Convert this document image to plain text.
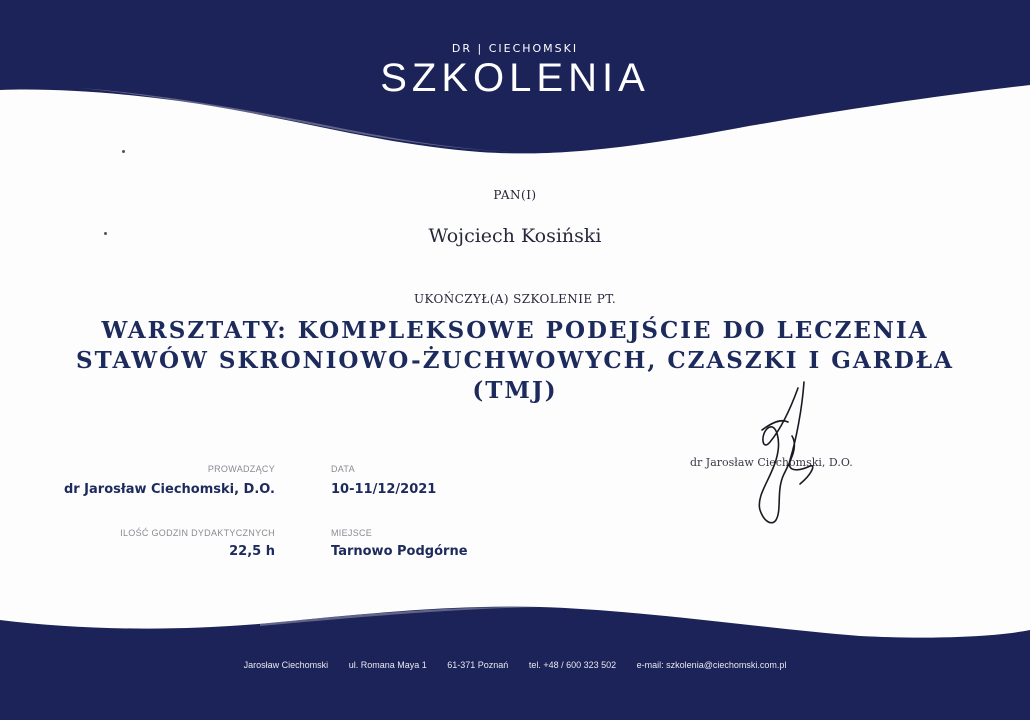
DR | CIECHOMSKI
SZKOLENIA
PAN(I)
Wojciech Kosiński
UKOŃCZYŁ(A) SZKOLENIE PT.
WARSZTATY: KOMPLEKSOWE PODEJŚCIE DO LECZENIA
STAWÓW SKRONIOWO-ŻUCHWOWYCH, CZASZKI I GARDŁA
(TMJ)
PROWADZĄCY
dr Jarosław Ciechomski, D.O.
DATA
10-11/12/2021
ILOŚĆ GODZIN DYDAKTYCZNYCH
22,5 h
MIEJSCE
Tarnowo Podgórne
dr Jarosław Ciechomski, D.O.
Jarosław Ciechomski ul. Romana Maya 1 61-371 Poznań tel. +48 / 600 323 502 e-mail: szkolenia@ciechomski.com.pl
